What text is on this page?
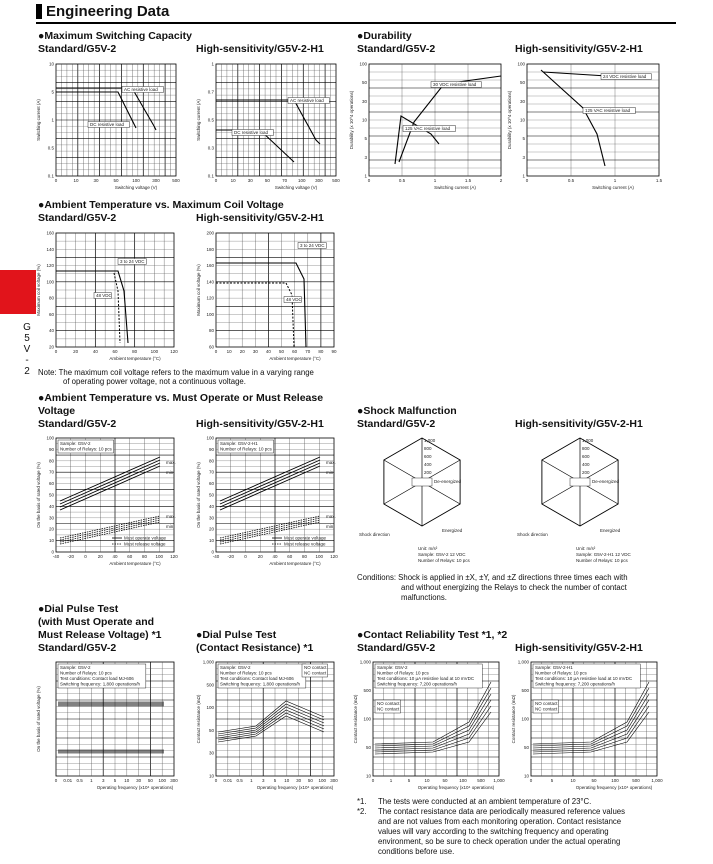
Engineering Data
G
5
V
-
2
●Maximum Switching Capacity
Standard/G5V-2	High-sensitivity/G5V-2-H1
●Durability
Standard/G5V-2	High-sensitivity/G5V-2-H1
●Ambient Temperature vs. Maximum Coil Voltage
Standard/G5V-2	High-sensitivity/G5V-2-H1
Note: The maximum coil voltage refers to the maximum value in a varying range
of operating power voltage, not a continuous voltage.
●Ambient Temperature vs. Must Operate or Must Release
Voltage
Standard/G5V-2	High-sensitivity/G5V-2-H1
●Shock Malfunction
Standard/G5V-2	High-sensitivity/G5V-2-H1
Conditions: Shock is applied in ±X, ±Y, and ±Z directions three times each with
and without energizing the Relays to check the number of contact
malfunctions.
●Dial Pulse Test
(with Must Operate and
Must Release Voltage) *1
Standard/G5V-2
●Dial Pulse Test
(Contact Resistance) *1
●Contact Reliability Test *1, *2
Standard/G5V-2	High-sensitivity/G5V-2-H1
*1. The tests were conducted at an ambient temperature of 23°C.
*2. The contact resistance data are periodically measured reference values
and are not values from each monitoring operation. Contact resistance
values will vary according to the switching frequency and operating
environment, so be sure to check operation under the actual operating
conditions before use.
0	10	30	50	100	300	500
10
5
1
0.5
0.1
Switching voltage (V)
Switching current (A)
AC resistive load
DC resistive load
0	10	30	50	70 100 300 500
1
0.7
0.5
0.3
0.1
Switching voltage (V)
Switching current (A)	AC resistive load
DC resistive load
0	0.5	1	1.5	2
100
50
30
10
5
3
1
Switching current (A)
Durability (x 10^4 operations)
30 VDC resistive load
125 VAC resistive load
0	0.5	1	1.5
100
50
30
10
5
3
1
Switching current (A)
Durability (x 10^4 operations)
24 VDC resistive load
125 VAC resistive load
0	20	40	60	80	100	120
160
140
120
100
80
60
40
20
Ambient temperature (°C)
Maximum coil voltage (%)
3 to 24 VDC
48 VDC
0 10 20 30 40 50 60 70 80 90
200
180
160
140
120
100
80
60
Ambient temperature (°C)
Maximum coil voltage (%)
3 to 24 VDC
48 VDC
-40 -20 0 20 40 60 80 100 120
100
90
80
70
60
50
40
30
20
10
0
Ambient temperature (°C)
On the basis of rated voltage (%)
Sample: G5V-2
Number of Relays: 10 pcs
max.
min.
max.
min.
Must operate voltage
Must release voltage
-40 -20 0 20 40 60 80 100 120
100
90
80
70
60
50
40
30
20
10
0
Ambient temperature (°C)
On the basis of rated voltage (%)
Sample: G5V-2-H1
Number of Relays: 10 pcs
max.
min.
max.
min.
Must operate voltage
Must release voltage
1,000
800
600
400
200
De-energized
Energized
Shock direction
Unit: m/s²
Sample: G5V-2 12 VDC
Number of Relays: 10 pcs
1,000
800
600
400
200
De-energized
Energized
Shock direction
Unit: m/s²
Sample: G5V-2-H1 12 VDC
Number of Relays: 10 pcs
0 0.01 0.5 1 3 5 10 30 50 100 300
Operating frequency (x10⁴ operations)
On the basis of rated voltage (%)
Sample: G5V-2
Number of Relays: 10 pcs
Test conditions: Contact load MJ-606
Switching frequency: 1,800 operations/h
0 0.01 0.5 1 3 5 10 30 50 100 300
1,000
500
100
50
30
10
Operating frequency (x10⁴ operations)
Contact resistance (mΩ)
Sample: G5V-2
Number of Relays: 10 pcs
Test conditions: Contact load MJ-606
Switching frequency: 1,800 operations/h
NO contact
NC contact
0	1	5	10	50	100 500 1,000
1,000
500
100
50
10
Operating frequency (x10⁴ operations)
Contact resistance (mΩ)
Sample: G5V-2
Number of Relays: 10 pcs
Test conditions: 10 µA resistive load at 10 mVDC
Switching frequency: 7,200 operations/h
NO contact
NC contact
0	5	10	50	100	500	1,000
1,000
500
100
50
10
Operating frequency (x10⁴ operations)
Contact resistance (mΩ)
Sample: G5V-2-H1
Number of Relays: 10 pcs
Test conditions: 10 µA resistive load at 10 mVDC
Switching frequency: 7,200 operations/h
NO contact
NC contact
